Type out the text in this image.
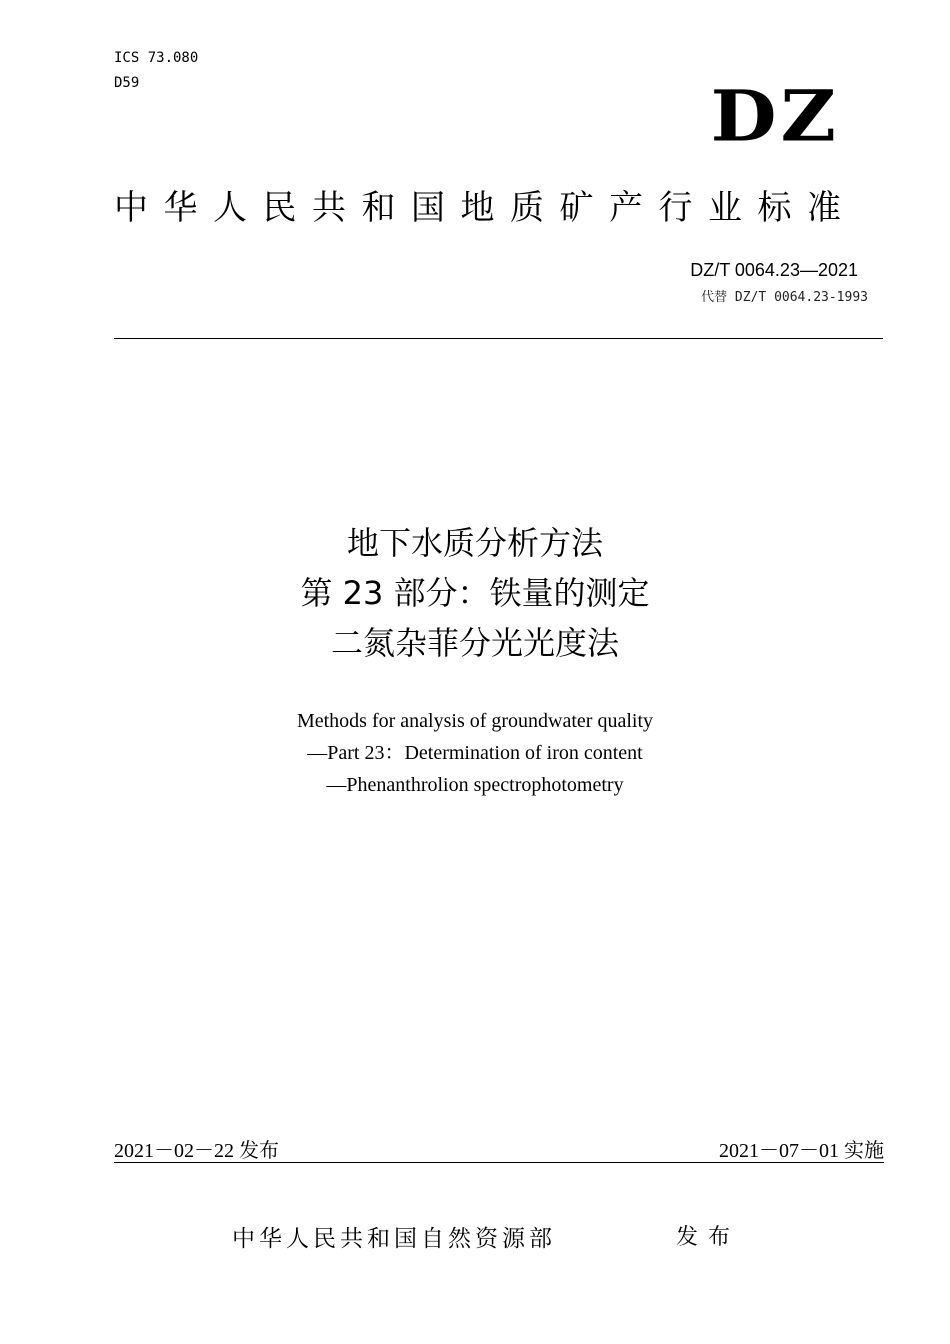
ICS 73.080
D59	DZ
中华人民共和国地质矿产行业标准
DZ/T 0064.23—2021
代替 DZ/T 0064.23-1993
地下水质分析方法
第 23 部分：铁量的测定
二氮杂菲分光光度法
Methods for analysis of groundwater quality
—Part 23：Determination of iron content
—Phenanthrolion spectrophotometry
2021－02－22 发布	2021－07－01 实施
中华人民共和国自然资源部	发布
